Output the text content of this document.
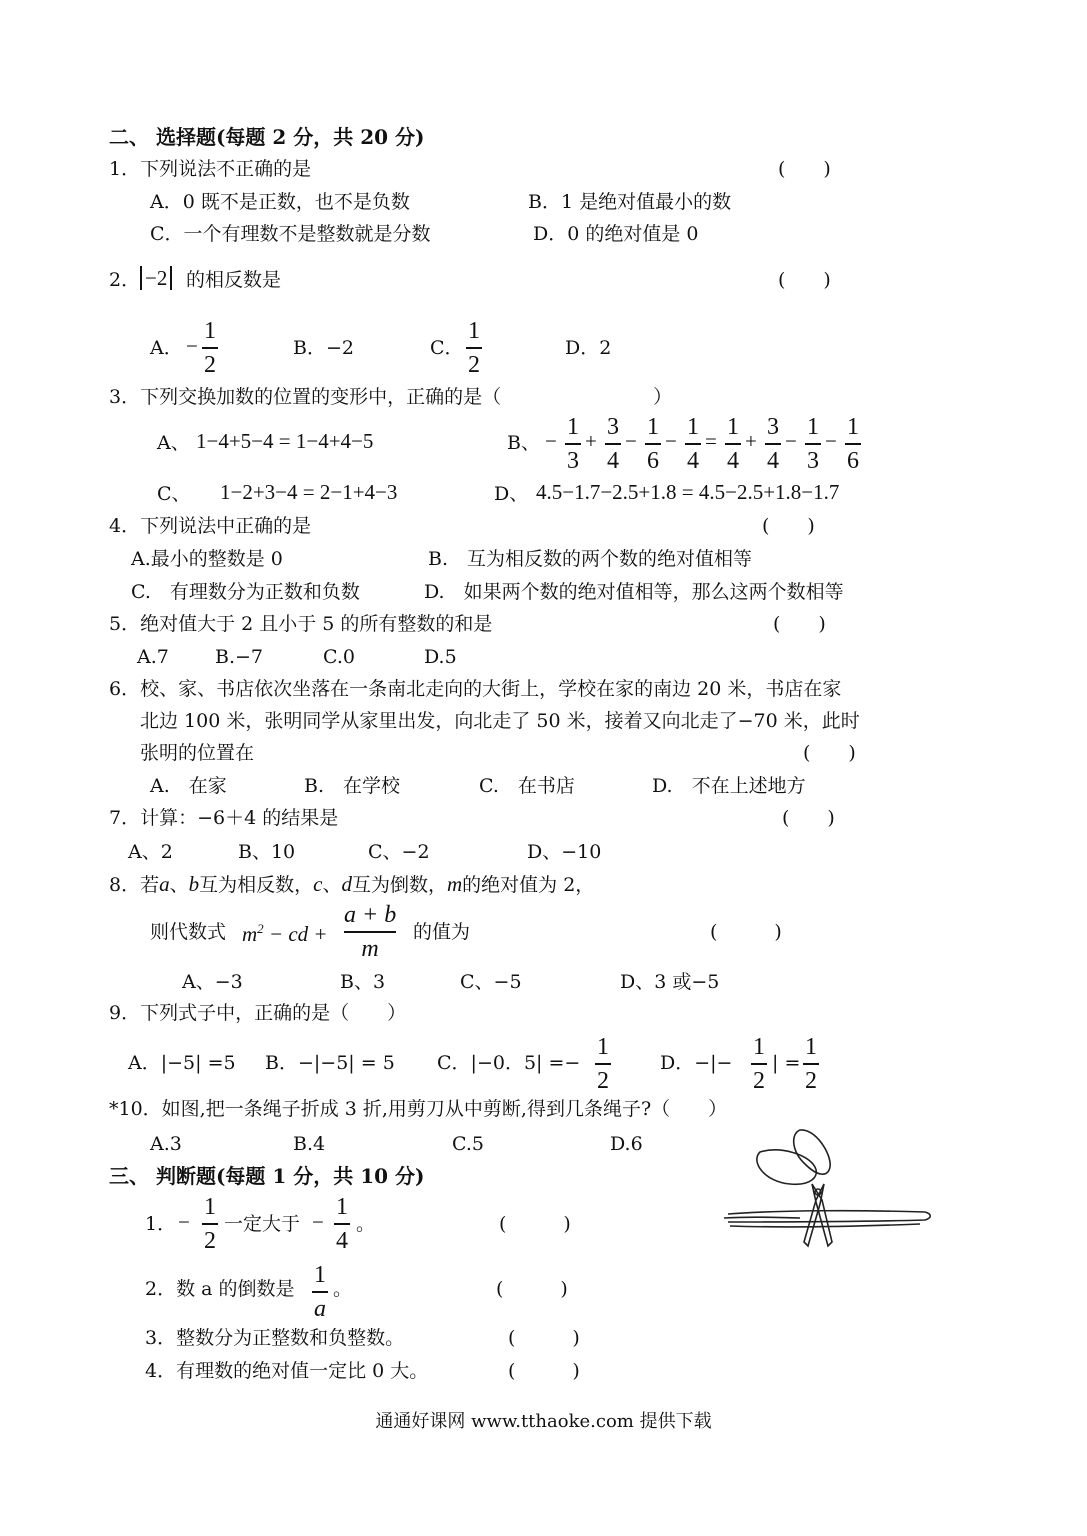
二、 选择题(每题 2 分，共 20 分)
1．下列说法不正确的是	(　　)
A．0 既不是正数，也不是负数	B．1 是绝对值最小的数
C．一个有理数不是整数就是分数	D．0 的绝对值是 0
2． −2 的相反数是	(　　)
A． −
1
2
B．−2	C．
1
2
D．2
3．下列交换加数的位置的变形中，正确的是（　　　　　　　　）
A、 1−4+5−4 = 1−4+4−5	B、 −
1
3
+
3
4
−
1
6
−
1
4
=
1
4
+
3
4
−
1
3
−
1
6
C、 1−2+3−4 = 2−1+4−3	D、 4.5−1.7−2.5+1.8 = 4.5−2.5+1.8−1.7
4．下列说法中正确的是	(　　)
A.最小的整数是 0	B.　互为相反数的两个数的绝对值相等
C.　有理数分为正数和负数	D.　如果两个数的绝对值相等，那么这两个数相等
5．绝对值大于 2 且小于 5 的所有整数的和是	(　　)
A.7 B.−7	C.0	D.5
6．校、家、书店依次坐落在一条南北走向的大街上，学校在家的南边 20 米，书店在家
北边 100 米，张明同学从家里出发，向北走了 50 米，接着又向北走了−70 米，此时
张明的位置在	(　　)
A.　在家	B.　在学校	C.　在书店	D.　不在上述地方
7．计算：−6＋4 的结果是	(　　)
A、2	B、10	C、−2	D、−10
8．若a、b互为相反数，c、d互为倒数，m的绝对值为 2，
则代数式 $m^2$ − cd +
a + b
m
的值为	(　　　)
A、−3	B、3	C、−5	D、3 或−5
9．下列式子中，正确的是（　　）
A．|−5| =5 B．−|−5| = 5 C．|−0．5| =−
1
2
D．−|−
1
2
| =
1
2
*10．如图,把一条绳子折成 3 折,用剪刀从中剪断,得到几条绳子?（　　）
A.3	B.4	C.5	D.6
三、 判断题(每题 1 分，共 10 分)
1． −
1
2
一定大于 −
1
4
。	(　　　)
2．数 a 的倒数是
1
a
。	(　　　)
3．整数分为正整数和负整数。	(　　　)
4．有理数的绝对值一定比 0 大。	(　　　)
通通好课网 www.tthaoke.com 提供下载
